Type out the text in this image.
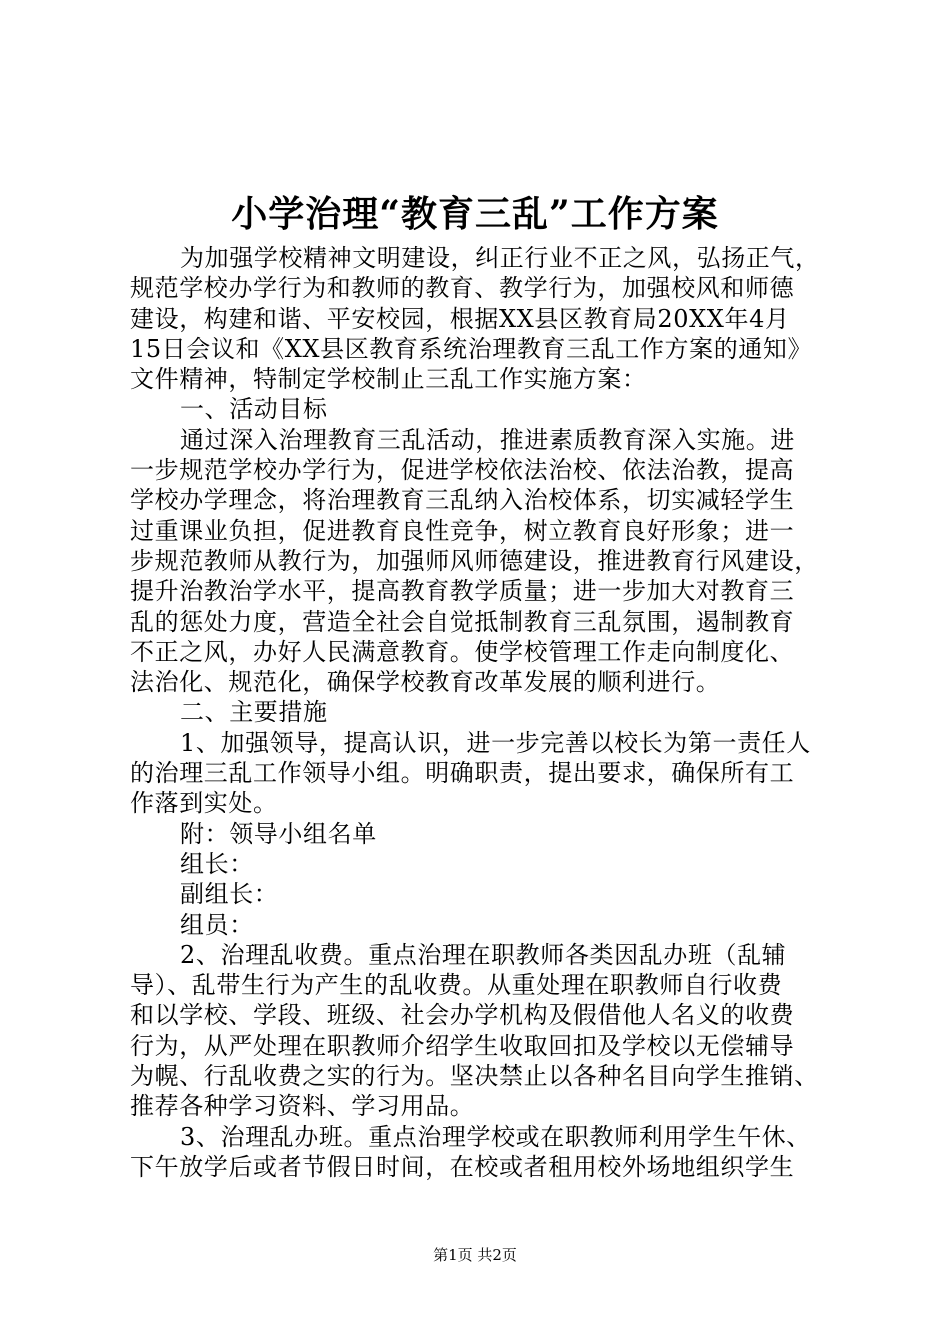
小学治理“教育三乱”工作方案
为加强学校精神文明建设，纠正行业不正之风，弘扬正气，
规范学校办学行为和教师的教育、教学行为，加强校风和师德
建设，构建和谐、平安校园，根据XX县区教育局20XX年4月
15日会议和《XX县区教育系统治理教育三乱工作方案的通知》
文件精神，特制定学校制止三乱工作实施方案：
一、活动目标
通过深入治理教育三乱活动，推进素质教育深入实施。进
一步规范学校办学行为，促进学校依法治校、依法治教，提高
学校办学理念，将治理教育三乱纳入治校体系，切实减轻学生
过重课业负担，促进教育良性竞争，树立教育良好形象；进一
步规范教师从教行为，加强师风师德建设，推进教育行风建设，
提升治教治学水平，提高教育教学质量；进一步加大对教育三
乱的惩处力度，营造全社会自觉抵制教育三乱氛围，遏制教育
不正之风，办好人民满意教育。使学校管理工作走向制度化、
法治化、规范化，确保学校教育改革发展的顺利进行。
二、主要措施
1、加强领导，提高认识，进一步完善以校长为第一责任人
的治理三乱工作领导小组。明确职责，提出要求，确保所有工
作落到实处。
附：领导小组名单
组长：
副组长：
组员：
2、治理乱收费。重点治理在职教师各类因乱办班（乱辅
导）、乱带生行为产生的乱收费。从重处理在职教师自行收费
和以学校、学段、班级、社会办学机构及假借他人名义的收费
行为，从严处理在职教师介绍学生收取回扣及学校以无偿辅导
为幌、行乱收费之实的行为。坚决禁止以各种名目向学生推销、
推荐各种学习资料、学习用品。
3、治理乱办班。重点治理学校或在职教师利用学生午休、
下午放学后或者节假日时间，在校或者租用校外场地组织学生
第1页 共2页
